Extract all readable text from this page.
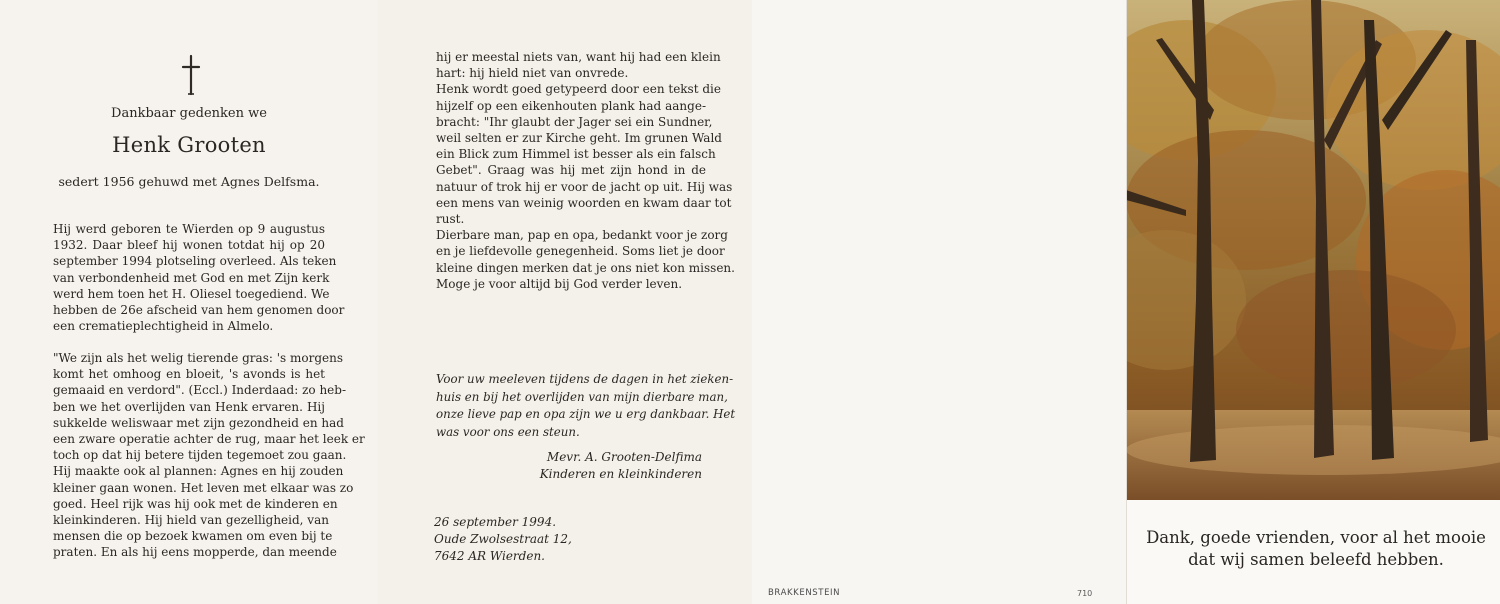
Dankbaar gedenken we
Henk Grooten
sedert 1956 gehuwd met Agnes Delfsma.
Hij werd geboren te Wierden op 9 augustus
1932. Daar bleef hij wonen totdat hij op 20
september 1994 plotseling overleed. Als teken
van verbondenheid met God en met Zijn kerk
werd hem toen het H. Oliesel toegediend. We
hebben de 26e afscheid van hem genomen door
een crematieplechtigheid in Almelo.
"We zijn als het welig tierende gras: 's morgens
komt het omhoog en bloeit, 's avonds is het
gemaaid en verdord". (Eccl.) Inderdaad: zo heb-
ben we het overlijden van Henk ervaren. Hij
sukkelde weliswaar met zijn gezondheid en had
een zware operatie achter de rug, maar het leek er
toch op dat hij betere tijden tegemoet zou gaan.
Hij maakte ook al plannen: Agnes en hij zouden
kleiner gaan wonen. Het leven met elkaar was zo
goed. Heel rijk was hij ook met de kinderen en
kleinkinderen. Hij hield van gezelligheid, van
mensen die op bezoek kwamen om even bij te
praten. En als hij eens mopperde, dan meende
hij er meestal niets van, want hij had een klein
hart: hij hield niet van onvrede.
Henk wordt goed getypeerd door een tekst die
hijzelf op een eikenhouten plank had aange-
bracht: "Ihr glaubt der Jager sei ein Sundner,
weil selten er zur Kirche geht. Im grunen Wald
ein Blick zum Himmel ist besser als ein falsch
Gebet". Graag was hij met zijn hond in de
natuur of trok hij er voor de jacht op uit. Hij was
een mens van weinig woorden en kwam daar tot
rust.
Dierbare man, pap en opa, bedankt voor je zorg
en je liefdevolle genegenheid. Soms liet je door
kleine dingen merken dat je ons niet kon missen.
Moge je voor altijd bij God verder leven.
Voor uw meeleven tijdens de dagen in het zieken-
huis en bij het overlijden van mijn dierbare man,
onze lieve pap en opa zijn we u erg dankbaar. Het
was voor ons een steun.
Mevr. A. Grooten-Delfima
Kinderen en kleinkinderen
26 september 1994.
Oude Zwolsestraat 12,
7642 AR Wierden.
BRAKKENSTEIN	710
Dank, goede vrienden, voor al het mooie
dat wij samen beleefd hebben.
